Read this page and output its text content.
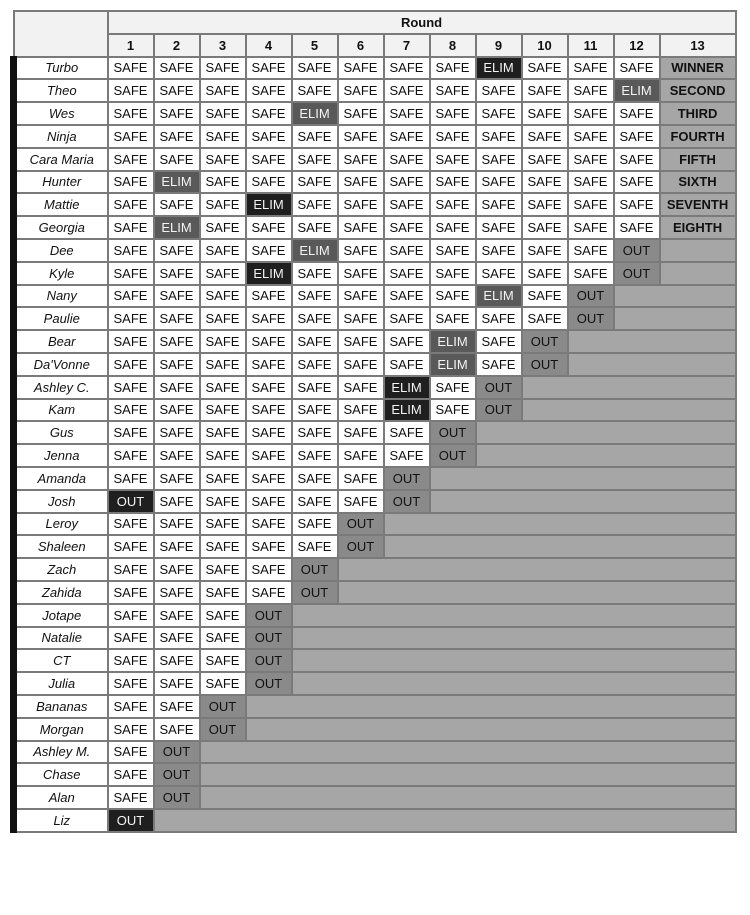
	Round												
	1	2	3	4	5	6	7	8	9	10	11	12	13
Turbo	SAFE	SAFE	SAFE	SAFE	SAFE	SAFE	SAFE	SAFE	ELIM	SAFE	SAFE	SAFE	WINNER
Theo	SAFE	SAFE	SAFE	SAFE	SAFE	SAFE	SAFE	SAFE	SAFE	SAFE	SAFE	ELIM	SECOND
Wes	SAFE	SAFE	SAFE	SAFE	ELIM	SAFE	SAFE	SAFE	SAFE	SAFE	SAFE	SAFE	THIRD
Ninja	SAFE	SAFE	SAFE	SAFE	SAFE	SAFE	SAFE	SAFE	SAFE	SAFE	SAFE	SAFE	FOURTH
Cara Maria	SAFE	SAFE	SAFE	SAFE	SAFE	SAFE	SAFE	SAFE	SAFE	SAFE	SAFE	SAFE	FIFTH
Hunter	SAFE	ELIM	SAFE	SAFE	SAFE	SAFE	SAFE	SAFE	SAFE	SAFE	SAFE	SAFE	SIXTH
Mattie	SAFE	SAFE	SAFE	ELIM	SAFE	SAFE	SAFE	SAFE	SAFE	SAFE	SAFE	SAFE	SEVENTH
Georgia	SAFE	ELIM	SAFE	SAFE	SAFE	SAFE	SAFE	SAFE	SAFE	SAFE	SAFE	SAFE	EIGHTH
Dee	SAFE	SAFE	SAFE	SAFE	ELIM	SAFE	SAFE	SAFE	SAFE	SAFE	SAFE	OUT	
Kyle	SAFE	SAFE	SAFE	ELIM	SAFE	SAFE	SAFE	SAFE	SAFE	SAFE	SAFE	OUT	
Nany	SAFE	SAFE	SAFE	SAFE	SAFE	SAFE	SAFE	SAFE	ELIM	SAFE	OUT		
Paulie	SAFE	SAFE	SAFE	SAFE	SAFE	SAFE	SAFE	SAFE	SAFE	SAFE	OUT		
Bear	SAFE	SAFE	SAFE	SAFE	SAFE	SAFE	SAFE	ELIM	SAFE	OUT			
Da'Vonne	SAFE	SAFE	SAFE	SAFE	SAFE	SAFE	SAFE	ELIM	SAFE	OUT			
Ashley C.	SAFE	SAFE	SAFE	SAFE	SAFE	SAFE	ELIM	SAFE	OUT				
Kam	SAFE	SAFE	SAFE	SAFE	SAFE	SAFE	ELIM	SAFE	OUT				
Gus	SAFE	SAFE	SAFE	SAFE	SAFE	SAFE	SAFE	OUT					
Jenna	SAFE	SAFE	SAFE	SAFE	SAFE	SAFE	SAFE	OUT					
Amanda	SAFE	SAFE	SAFE	SAFE	SAFE	SAFE	OUT						
Josh	OUT	SAFE	SAFE	SAFE	SAFE	SAFE	OUT						
Leroy	SAFE	SAFE	SAFE	SAFE	SAFE	OUT							
Shaleen	SAFE	SAFE	SAFE	SAFE	SAFE	OUT							
Zach	SAFE	SAFE	SAFE	SAFE	OUT								
Zahida	SAFE	SAFE	SAFE	SAFE	OUT								
Jotape	SAFE	SAFE	SAFE	OUT									
Natalie	SAFE	SAFE	SAFE	OUT									
CT	SAFE	SAFE	SAFE	OUT									
Julia	SAFE	SAFE	SAFE	OUT									
Bananas	SAFE	SAFE	OUT										
Morgan	SAFE	SAFE	OUT										
Ashley M.	SAFE	OUT											
Chase	SAFE	OUT											
Alan	SAFE	OUT											
Liz	OUT												
